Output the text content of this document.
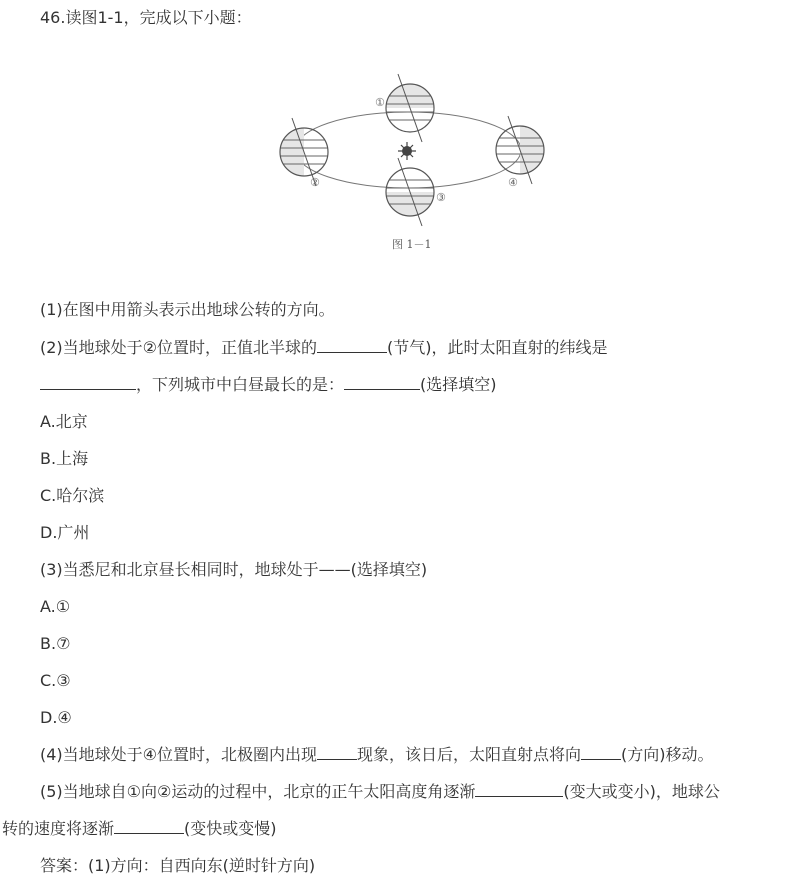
46.读图1-1，完成以下小题：
①
②
③
④
图 1－1
(1)在图中用箭头表示出地球公转的方向。
(2)当地球处于②位置时，正值北半球的	(节气)，此时太阳直射的纬线是
，下列城市中白昼最长的是：	(选择填空)
A.北京
B.上海
C.哈尔滨
D.广州
(3)当悉尼和北京昼长相同时，地球处于——(选择填空)
A.①
B.⑦
C.③
D.④
(4)当地球处于④位置时，北极圈内出现	现象，该日后，太阳直射点将向	(方向)移动。
(5)当地球自①向②运动的过程中，北京的正午太阳高度角逐渐	(变大或变小)，地球公
转的速度将逐渐	(变快或变慢)
答案：(1)方向：自西向东(逆时针方向)
